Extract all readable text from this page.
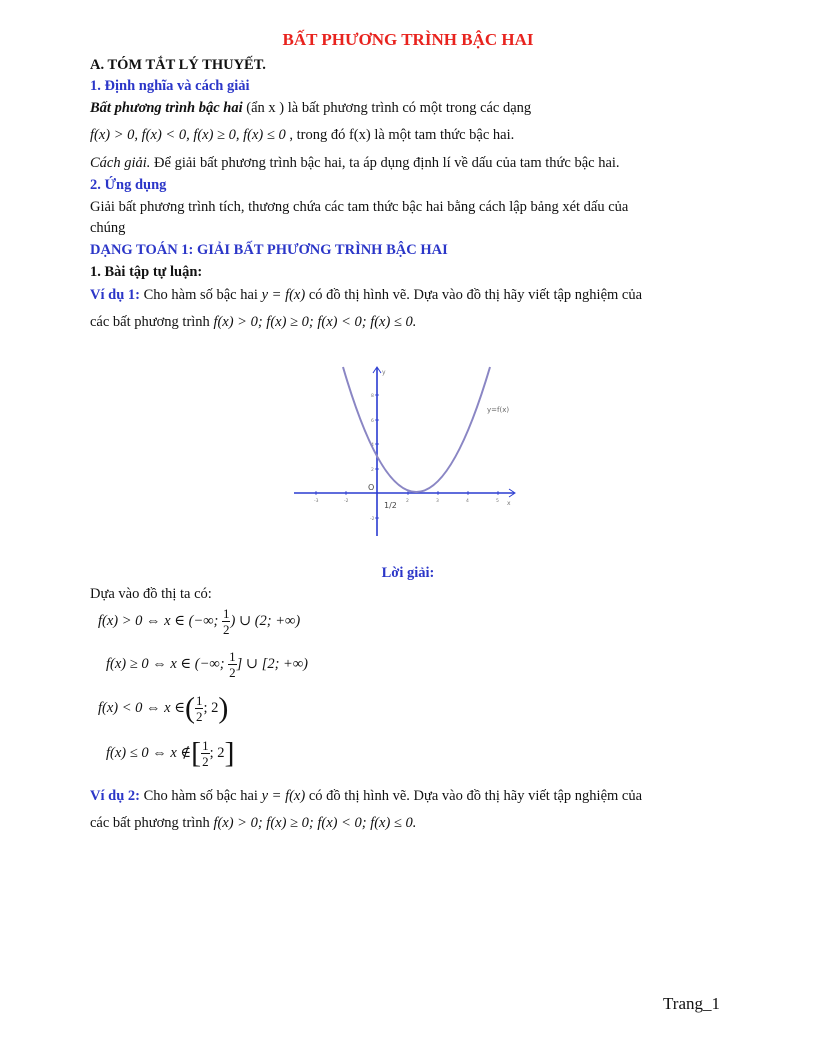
BẤT PHƯƠNG TRÌNH BẬC HAI

A. TÓM TẮT LÝ THUYẾT.

1. Định nghĩa và cách giải

Bất phương trình bậc hai (ẩn x ) là bất phương trình có một trong các dạng

f(x) > 0, f(x) < 0, f(x) ≥ 0, f(x) ≤ 0 , trong đó f(x) là một tam thức bậc hai.

Cách giải. Để giải bất phương trình bậc hai, ta áp dụng định lí về dấu của tam thức bậc hai.

2. Ứng dụng

Giải bất phương trình tích, thương chứa các tam thức bậc hai bằng cách lập bảng xét dấu của

chúng

DẠNG TOÁN 1: GIẢI BẤT PHƯƠNG TRÌNH BẬC HAI

1. Bài tập tự luận:

Ví dụ 1: Cho hàm số bậc hai y = f(x) có đồ thị hình vẽ. Dựa vào đồ thị hãy viết tập nghiệm của

các bất phương trình f(x) > 0; f(x) ≥ 0; f(x) < 0; f(x) ≤ 0.

-3	-2	2	3	4	5
8
6
4
2
-2
y
x
y=f(x)
O
1/2

Lời giải:

Dựa vào đồ thị ta có:

f(x) > 0 ⇔ x ∈ (−∞; $\frac{1}{2}$ ) ∪ (2; +∞)
f(x) ≥ 0 ⇔ x ∈ (−∞; $\frac{1}{2}$ ] ∪ [2; +∞)
f(x) < 0 ⇔ x ∈( $\frac{1}{2}$ ; 2)
f(x) ≤ 0 ⇔ x ∉[ $\frac{1}{2}$ ; 2]

Ví dụ 2: Cho hàm số bậc hai y = f(x) có đồ thị hình vẽ. Dựa vào đồ thị hãy viết tập nghiệm của

các bất phương trình f(x) > 0; f(x) ≥ 0; f(x) < 0; f(x) ≤ 0.

Trang_1
